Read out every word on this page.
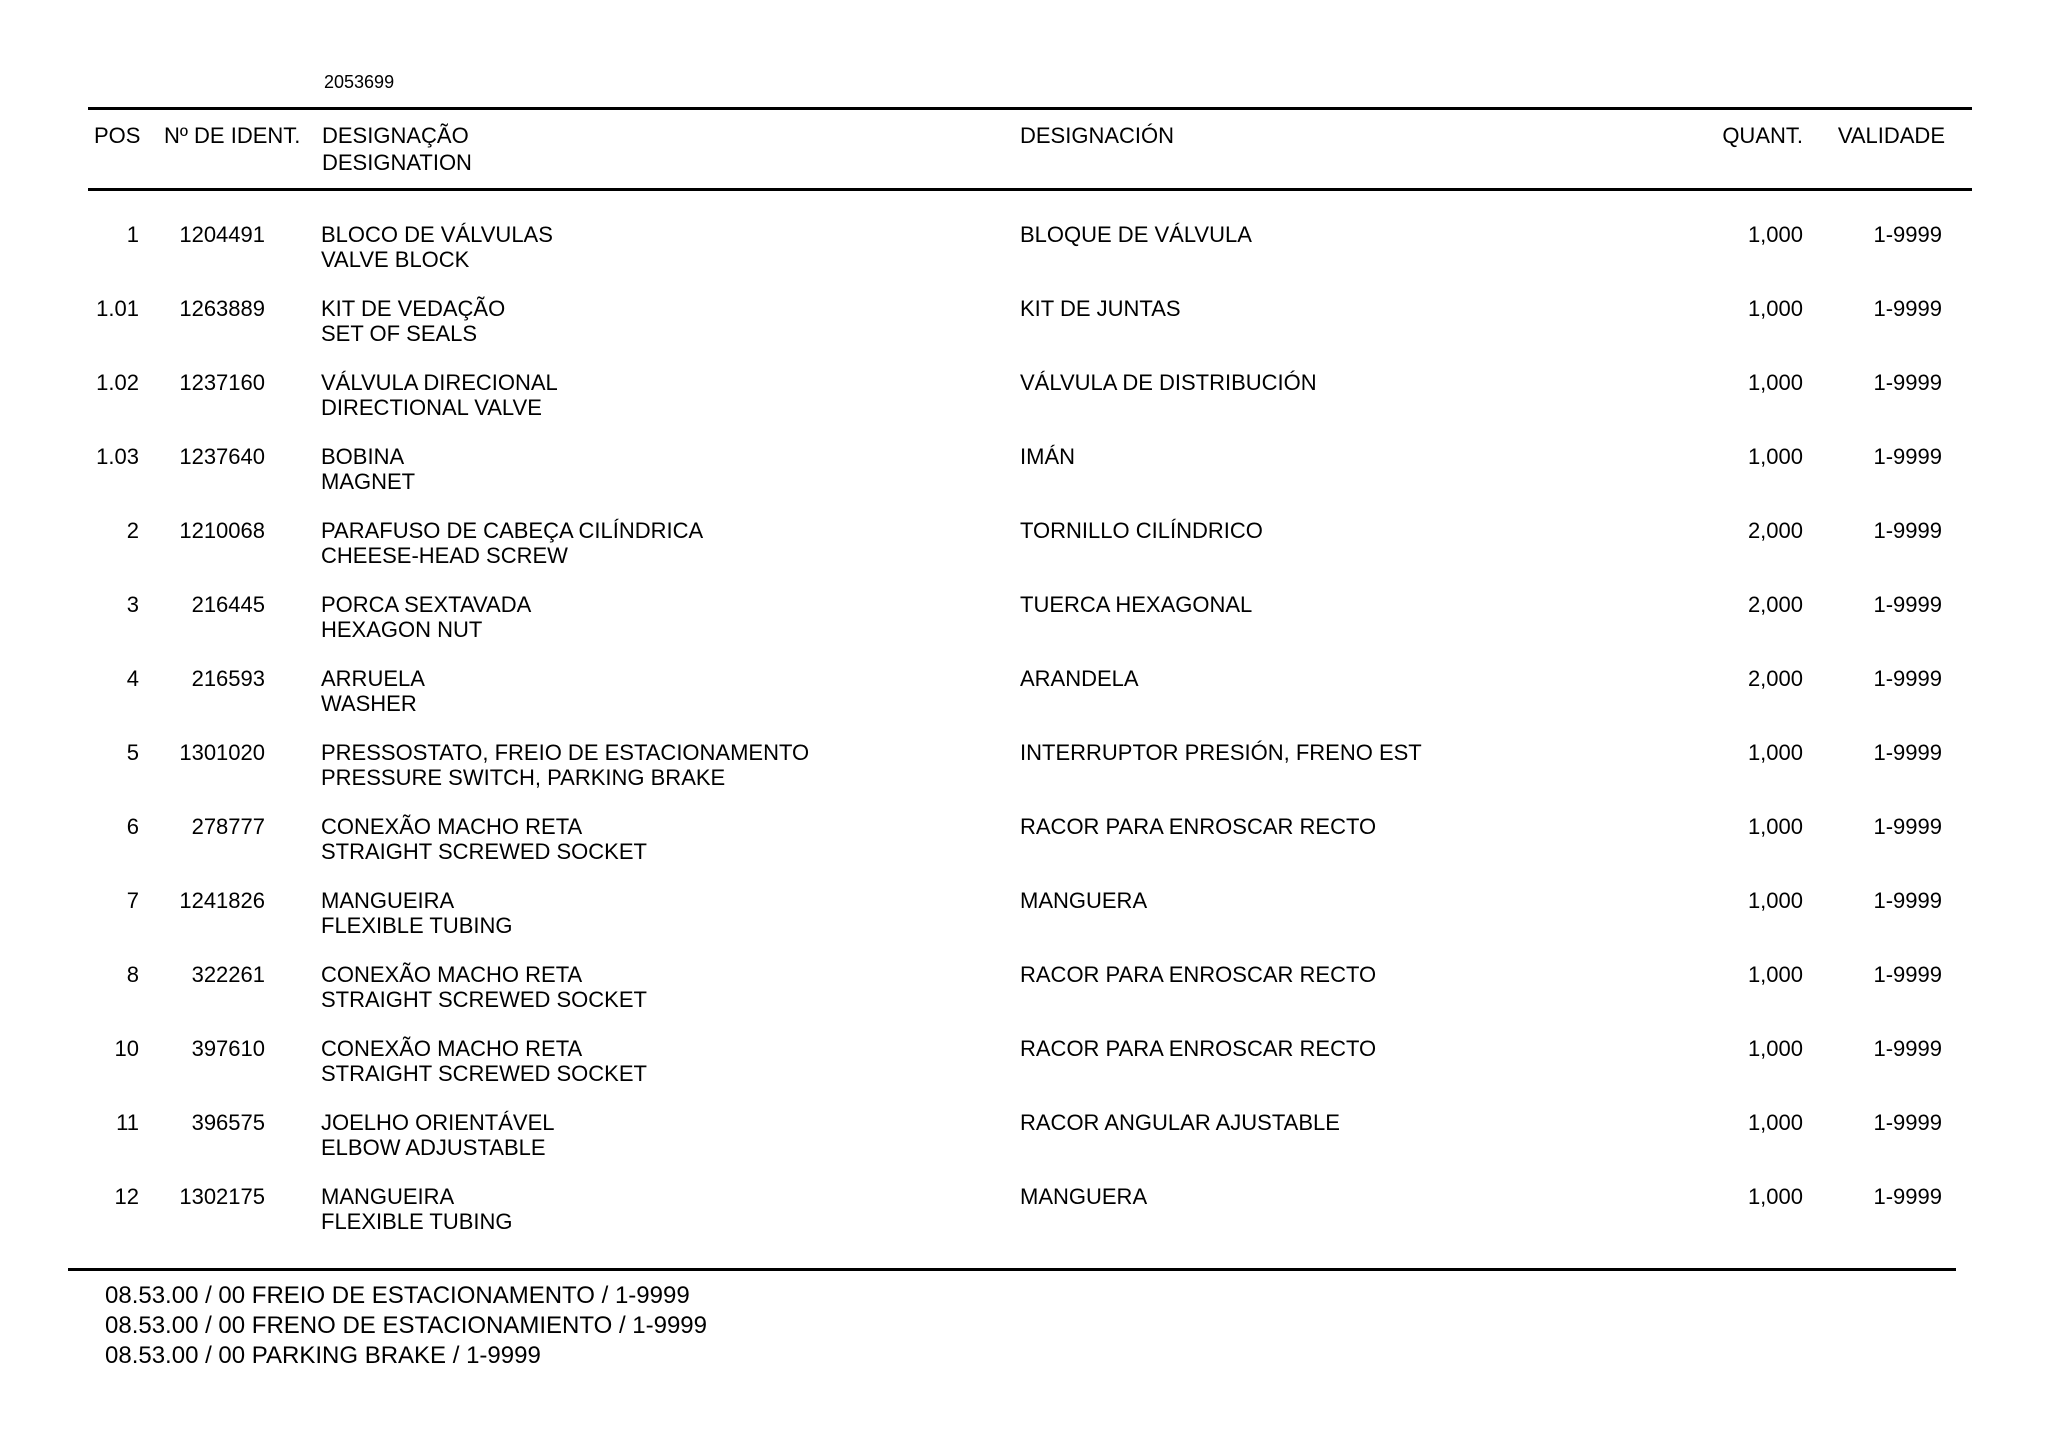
2053699
POS Nº DE IDENT. DESIGNAÇÃO
DESIGNATION
DESIGNACIÓN	QUANT. VALIDADE
1 1204491	BLOCO DE VÁLVULAS
VALVE BLOCK
BLOQUE DE VÁLVULA	1,000	1-9999
1.01 1263889	KIT DE VEDAÇÃO
SET OF SEALS
KIT DE JUNTAS	1,000	1-9999
1.02 1237160	VÁLVULA DIRECIONAL
DIRECTIONAL VALVE
VÁLVULA DE DISTRIBUCIÓN	1,000	1-9999
1.03 1237640	BOBINA
MAGNET
IMÁN	1,000	1-9999
2 1210068	PARAFUSO DE CABEÇA CILÍNDRICA
CHEESE-HEAD SCREW
TORNILLO CILÍNDRICO	2,000	1-9999
3 216445	PORCA SEXTAVADA
HEXAGON NUT
TUERCA HEXAGONAL	2,000	1-9999
4 216593	ARRUELA
WASHER
ARANDELA	2,000	1-9999
5 1301020	PRESSOSTATO, FREIO DE ESTACIONAMENTO
PRESSURE SWITCH, PARKING BRAKE
INTERRUPTOR PRESIÓN, FRENO EST	1,000	1-9999
6 278777	CONEXÃO MACHO RETA
STRAIGHT SCREWED SOCKET
RACOR PARA ENROSCAR RECTO	1,000	1-9999
7 1241826	MANGUEIRA
FLEXIBLE TUBING
MANGUERA	1,000	1-9999
8 322261	CONEXÃO MACHO RETA
STRAIGHT SCREWED SOCKET
RACOR PARA ENROSCAR RECTO	1,000	1-9999
10 397610	CONEXÃO MACHO RETA
STRAIGHT SCREWED SOCKET
RACOR PARA ENROSCAR RECTO	1,000	1-9999
11 396575	JOELHO ORIENTÁVEL
ELBOW ADJUSTABLE
RACOR ANGULAR AJUSTABLE	1,000	1-9999
12 1302175	MANGUEIRA
FLEXIBLE TUBING
MANGUERA	1,000	1-9999
08.53.00 / 00 FREIO DE ESTACIONAMENTO / 1-9999
08.53.00 / 00 FRENO DE ESTACIONAMIENTO / 1-9999
08.53.00 / 00 PARKING BRAKE / 1-9999
